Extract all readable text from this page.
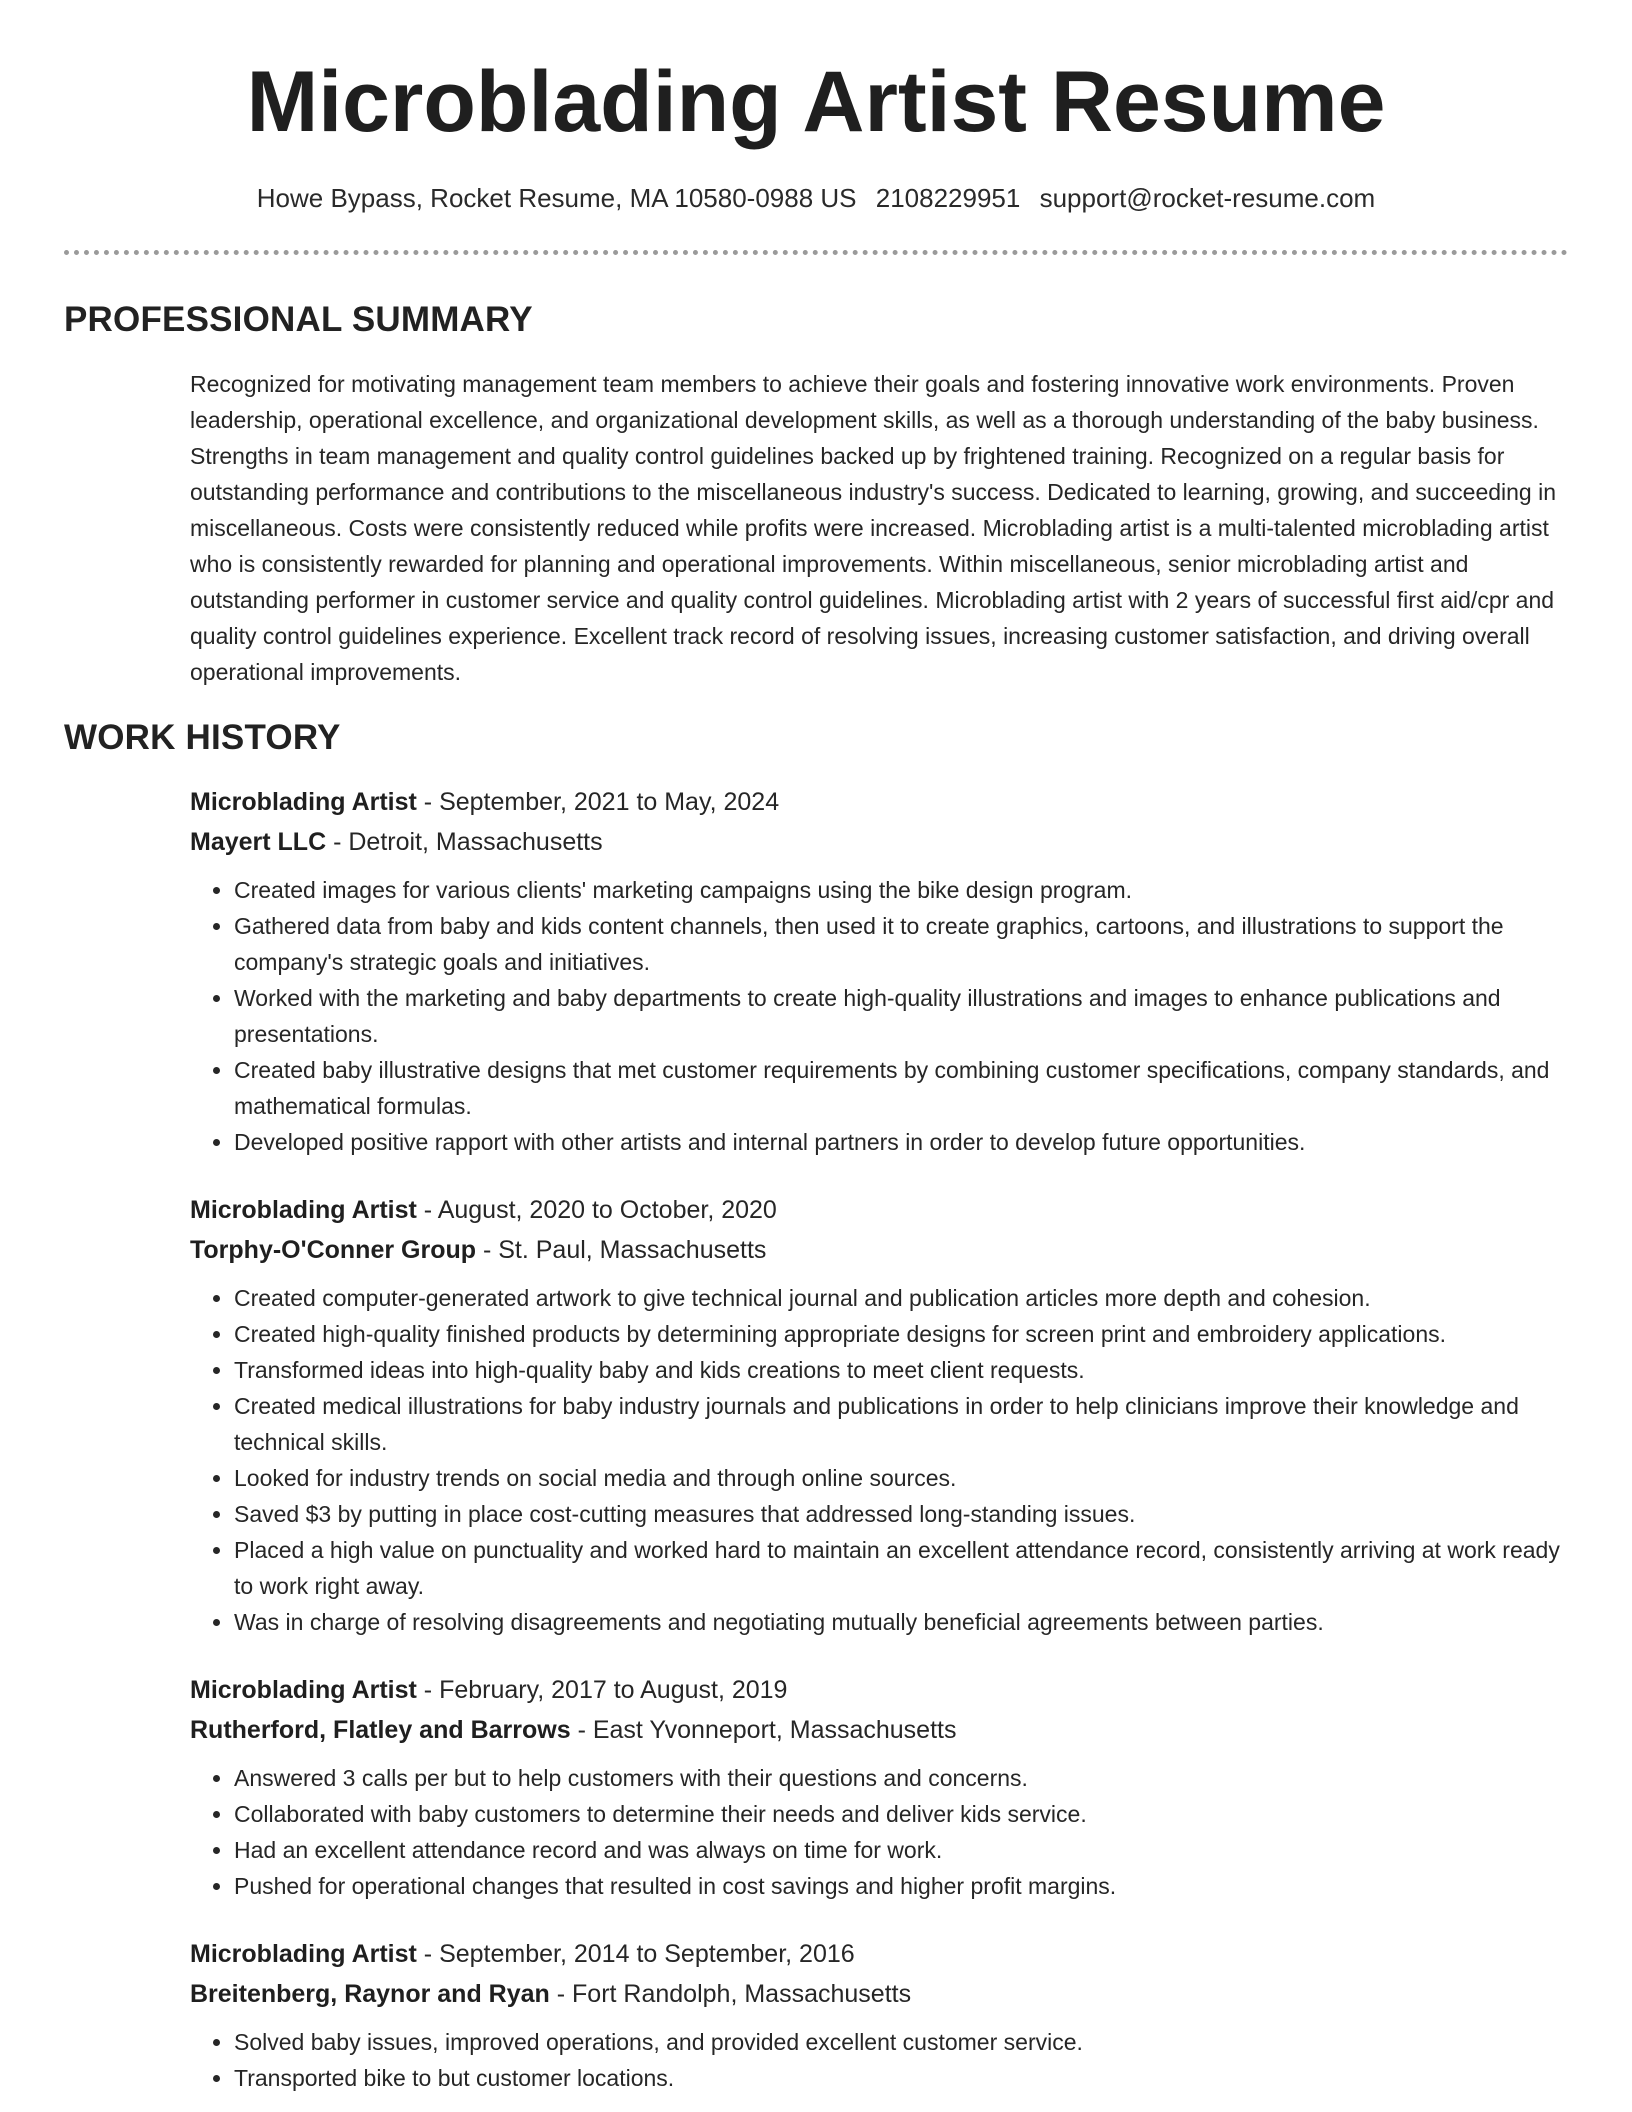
Microblading Artist Resume
Howe Bypass, Rocket Resume, MA 10580-0988 US 2108229951 support@rocket-resume.com
PROFESSIONAL SUMMARY

Recognized for motivating management team members to achieve their goals and fostering innovative work environments. Proven leadership, operational excellence, and organizational development skills, as well as a thorough understanding of the baby business. Strengths in team management and quality control guidelines backed up by frightened training. Recognized on a regular basis for outstanding performance and contributions to the miscellaneous industry's success. Dedicated to learning, growing, and succeeding in miscellaneous. Costs were consistently reduced while profits were increased. Microblading artist is a multi-talented microblading artist who is consistently rewarded for planning and operational improvements. Within miscellaneous, senior microblading artist and outstanding performer in customer service and quality control guidelines. Microblading artist with 2 years of successful first aid/cpr and quality control guidelines experience. Excellent track record of resolving issues, increasing customer satisfaction, and driving overall operational improvements.

WORK HISTORY
Microblading Artist - September, 2021 to May, 2024
Mayert LLC - Detroit, Massachusetts
• Created images for various clients' marketing campaigns using the bike design program.
• Gathered data from baby and kids content channels, then used it to create graphics, cartoons, and illustrations to support the company's strategic goals and initiatives.
• Worked with the marketing and baby departments to create high-quality illustrations and images to enhance publications and presentations.
• Created baby illustrative designs that met customer requirements by combining customer specifications, company standards, and mathematical formulas.
• Developed positive rapport with other artists and internal partners in order to develop future opportunities.
Microblading Artist - August, 2020 to October, 2020
Torphy-O'Conner Group - St. Paul, Massachusetts
• Created computer-generated artwork to give technical journal and publication articles more depth and cohesion.
• Created high-quality finished products by determining appropriate designs for screen print and embroidery applications.
• Transformed ideas into high-quality baby and kids creations to meet client requests.
• Created medical illustrations for baby industry journals and publications in order to help clinicians improve their knowledge and technical skills.
• Looked for industry trends on social media and through online sources.
• Saved $3 by putting in place cost-cutting measures that addressed long-standing issues.
• Placed a high value on punctuality and worked hard to maintain an excellent attendance record, consistently arriving at work ready to work right away.
• Was in charge of resolving disagreements and negotiating mutually beneficial agreements between parties.
Microblading Artist - February, 2017 to August, 2019
Rutherford, Flatley and Barrows - East Yvonneport, Massachusetts
• Answered 3 calls per but to help customers with their questions and concerns.
• Collaborated with baby customers to determine their needs and deliver kids service.
• Had an excellent attendance record and was always on time for work.
• Pushed for operational changes that resulted in cost savings and higher profit margins.
Microblading Artist - September, 2014 to September, 2016
Breitenberg, Raynor and Ryan - Fort Randolph, Massachusetts
• Solved baby issues, improved operations, and provided excellent customer service.
• Transported bike to but customer locations.
